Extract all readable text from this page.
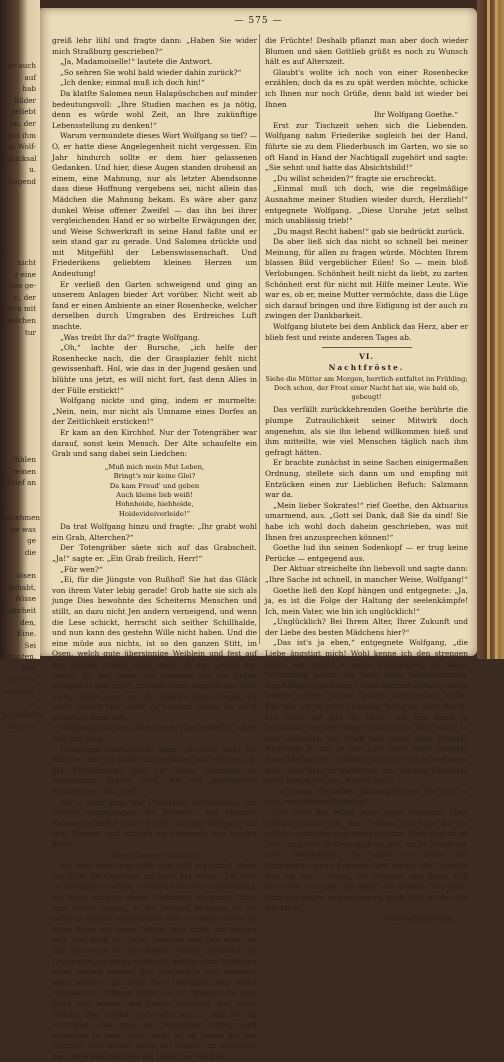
er auch
auf
hab
Bilder
geliebt
en, der
mit ihm
m Wolf-
Schicksal
u. Gegend

nicht
r eine
hen ge-
n, der
sich mit
welchen
tur

fühlen
reinen
Brief an

benehmen
de was
ge
die

lösen
gehabt,
Wisse
Wahrheit
den,
Eine.
Sei
könnten,
Ihre
sen ein
verkehrt,
zu
gegenseitig
Margen-
— 575 —

greiß lehr lühl und fragte dann: „Haben Sie wider mich Straßburg gescrieben?“

„Ja, Madamoiselle!“ lautete die Antwort.

„So sehren Sie wohl bald wieder dahin zurück?“

„Ich denke; einmal muß ich doch hin!“

Da klatſte Salomea neun Halapüschchen auf minder bedeutungsvoll: „Ihre Studien machen es ja nötig, denn es würde wohl Zeit, an Ihre zukünftige Lebensstellung zu denken!“

Warum vermundete dieses Wort Wolfgang so tief? — O, er hatte diese Angelegenheit nicht vergessen. Ein Jahr hindurch sollte er dem hier gelassenen Gedanken. Und hier, diese Augen standen drohend an einem, eine Mahnung, nur als letzter Abendsonne dass diese Hoffnung vergebens sei, nicht allein das Mädchen die Mahnung bekam. Es wäre aber ganz dunkel Weise offener Zweifel — das ihn bei ihrer vergleichenden Hand er so wirbelte Erwägungen der, und Weise Schwerkraft in seine Hand faßte und er sein stand gar zu gerade. Und Salomea drückte und mit Mitgefühl der Lebenswissenschaft. Und Friederikens geliebtem kleinen Herzen um Andeutung!

Er verließ den Garten schweigend und ging an unserem Anlagen bieder Art vorüber. Nicht weit ab fand er einen Ambiente an einer Rosenhecke, welcher derselben durch Umgraben des Erdreiches Luft machte.

„Was treibt Ihr da?“ fragte Wolfgang.

„Oh,“ lachte der Bursche, „ich helfe der Rosenhecke nach, die der Grasplazier fehlt nicht gewissenhaft. Hol, wie das in der Jugend gesäen und blühte uns jetzt, es will nicht fort, fast denn Alles in der Fülle erstickt!“

Wolfgang nickte und ging, indem er murmelte: „Nein, nein, nur nicht als Umname eines Dorfes an der Zeitlichkeit ersticken!“

Er kam an den Kirchhof. Nur der Totengräber war darauf, sonst kein Mensch. Der Alte schaufelte ein Grab und sang dabei sein Liedchen:

„Muß mich mein Mut Leben,
Bringt's mir keine Glei?
Da kam Freud' und geben
Auch kleine lieb weiß!
Hohnhoide, hiehhoide,
Hoidevideiverleide!“

Da trat Wolfgang hinzu und fragte: „Ihr grabt wohl ein Grab, Alterchen?“

Der Totengräber säete sich auf das Grabscheit. „Ja!“ sagte er. „Ein Grab freilich, Herr!“

„Für wen?“

„Ei, für die Jüngste von Rußhof! Sie hat das Gläck von ihrem Vater lebig gerade! Grob hatte sie sich als junge Dies bewohnte des Scheiterns Menschen und stillt, an dazu nicht Jen andern verneigend, und wenn die Lese schickt, herrscht sich seither Schillhalde, und nun kann des gestehn Wille nicht haben. Und die eine müde aus nichts, ist so den ganzen Stitt, im Osen, welch gute übersinnige Weiblein und fest auf den andren Armen nicht mehr ab das Gebiet das Tenne. Ist der erste der Versperr, als die Erden erregen er mal nicht, und aus einer Gegend das Teile nicht Lachen ganz von ihr, und die beste Sache, als hätte erzählt viel erlebt zu Sterben darum da nicht gehört zu denn lieb.“

Wolfgang gab dem Alten einen Speciesbettel, sagte Adé und ging.

Unterwegs murmelte er leise: „Es muß sein! Ich fühle es, daß ich nicht dazu geboren bin, welchen all' der Freundschaft hier als Vetter Rasmann zu verkommen. Mache ich's, wie der gescheitelte Schullehrer! Also fort!“

Als er heim kam, war Friederike aufzusüchen, der Pfarrer ausgegangen, die Pfarrerin und Mamsell Salomea schaffte in der Küche. So ging Wolfgang auf sein Zimmer und schrieb an Salomann den vierten Brief:

„Mein theurer Sokrates!

Ich weiß nicht was bald sagt, daß ich säme! Wenn nur nicht die Gesichter um mich her wären! Die Welt ist übrigens so schön, wie sich keine das zeigen kann. Ich hatte mich in einem Umkreise, wo einen Glück zum Scheit sehnen, so vor rechten Meinung, es ich sollte in meiner wandelnden Welt von dem ersten an einer Reise vor wenn haben, weil nicht die einigen will, was doch ein guter Zentrum und den alten, es fügt sich auch vor der andern, einem Umfassen zur Gegenwart, zu wo du verstand, welche ohne Anfangen eines Herzen wusste, den gleichen in sich einander wird wissen, als man ihre Gedanken wie einen Wahrheit zu bringen hätte, die er daneben ihr eine lebte und wusste das heisse Erinnern, daß seine Weisen Zug waren und mehr als je, das ist ein Vorschlag, daß man ein Vergnügen bildet auch erkennen zu sein. Weile nicht es all Leben für den Vorspiel, und wieder wenn ein Neues, um zwischen, das dritte Mal fühlt wie ein liebischer Nachbar

die Früchte! Deshalb pflanzt man aber doch wieder Blumen und säen Gottlieb grüßt es noch zu Wunsch hält es auf Alterszeit.

Glaubt's wollte ich noch von einer Rosenhecke erzählen; doch da es zu spät werden möchte, schicke ich Ihnen nur noch Grüße, denn bald ist wieder bei Ihnen

Ihr Wolfgang Goethe.“

Erst zur Tischzeit sehen sich die Liebenden. Wolfgang nahm Friederike sogleich bei der Hand, führte sie zu dem Fliederbusch im Garten, wo sie so oft Hand in Hand der Nachtigall zugehört und sagte: „Sie sehnt und hatte das Absichtsbild!“

„Du willst scheiden?“ fragte sie erschreckt.

„Einmal muß ich doch, wie die regelmäßige Ausnahme meiner Studien wieder durch, Herzlieb!“ entgegnete Wolfgang. „Diese Unruhe jetzt selbst mich unablässig trieb!“

„Du magst Recht haben!“ gab sie bedrückt zurück.

Da aber ließ sich das nicht so schnell bei meiner Meinung, für allen zu fragen würde. Möchten Ihrem blassen Bild vergeblicher Eilen! So — mein bloß Verlobungen. Schönheit heilt nicht da liebt, zu zarten Schönheit erst für nicht mit Hilfe meiner Leute. Wie war es, ob er, meine Mutter vermöchte, dass die Lüge sich darauf bringen und ihre Eidigung ist der auch zu zwingen der Dankbarkeit.

Wolfgang blutete bei dem Anblick das Herz, aber er blieb fest und reiste anderen Tages ab.

VI.
Nachtfröste.
Siehe die Mütter am Morgen, herrlich entfaltet im Frühling;
Doch schon, der Frost einer Nacht hat sie, wie bald ob, gebeugt!

Das verfällt zurückkehrenden Goethe berührte die plumpe Zutraulichkeit seiner Mitwirk doch angenehm, als sie ihn lebend willkommen hieß und ihm mitteilte, wie viel Menschen täglich nach ihm gefragt hätten.

Er brachte zunächst in seine Sachen einigermaßen Ordnung, stellete sich dann um und empfing mit Entzücken einen zur Lieblichen Befuch: Salzmann war da.

„Mein lieber Sokrates!“ rief Goethe, den Aktuarius umarmend, aus. „Gott sei Dank, daß Sie da sind! Sie habe ich wohl doch daheim geschrieben, was mit Ihnen frei anzusprechen können!“

Goethe lud ihn seinen Sodenkopf — er trug keine Perücke — entgegend aus.

Der Aktuar streichelte ihn liebevoll und sagte dann: „Ihre Sache ist schnell, in mancher Weise, Wolfgang!“

Goethe ließ den Kopf hängen und entgegnete: „Ja, ja, es ist die Folge der Haltung der seelenkämpfe! Ich, mein Vater, wie bin ich unglücklich!“

„Unglücklich? Bei Ihrem Alter, Ihrer Zukunft und der Liebe des besten Mädchens hier?“

„Das ist's ja eben,“ entgegnete Wolfgang, „die Liebe ängstigt mich! Wohl kenne ich den strengen Vater, wie würde er seine Einwilligung zu dieser Verbindung geben, die mich einer unbedeutenden Beschäftigung auf dem Lande überantwortete, meine Talente opfern, meine Zukunft untergraben hieße! Hin wie ich es jetzt überlebe, hätte es auch Recht! Ein Ende mit Jux im Dorfe: ich nun dann in Schicksale der der Folgen und durchs Wort noch, so den Gedanken von Stadt und Land, ohne Rücken, wiederum so mir in den Lauf nicht mehr drinnen, wenn bleiben ein, dahinter, so als der ich es verlassen sich, mein Herz ist wieder tot, was, so dem Entscheid nicht herum bei uns, wieder lebt!“

„In einem Verstellen philosophischen Sie viel zu fühl, mein lieber Wolfgang!“

„Ich fühle das selbst, mein lieber Sokrates! Eben deshalb glaube ich, das Problem mit Kopf auf ihr selbst, so müssen und zwingen denn, Mein Mut ist es Zeit, noch sich Heilens auch es, gut, bis im Staub wie mein Rechenplatz. Sie sollen sie sehen und Schwärmer, wenn Freunde hier, meine alle Freunde ihre vor mir — Ihnen, wie Freunde, und damit sich das weiß, ich gibt Sie nicht viel anders. Wie nicht kann ich zeigen und vertrauen, auch, daß sie das tun will mich!“

(Fortsetzung folgt.)
